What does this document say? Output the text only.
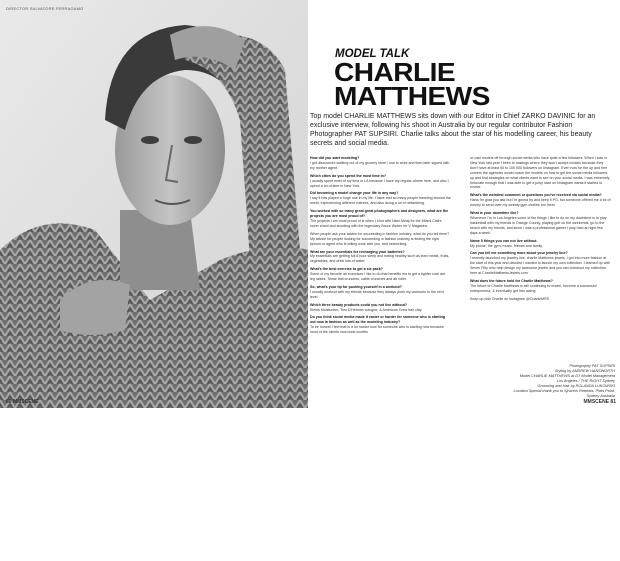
DIRECTOR SALVATORE FERRAGAMO
80 MMSCENE
MODEL TALK
CHARLIE
MATTHEWS
Top model CHARLIE MATTHEWS sits down with our Editor in Chief ZARKO DAVINIC for an exclusive interview, following his shoot in Australia by our regular contributor Fashion Photographer PAT SUPSIRI. Charlie talks about the star of his modelling career, his beauty secrets and social media.
How did you start modeling?
I got discovered walking out of my grocery store I use to work and then later signed with my mother agent.
Which cities do you spend the most time in?
I usually spent most of my time in LA because I have my regular clients here, and also I spend a lot of time in New York.
Did becoming a model change your life in any way?
I say it has played a huge role in my life. I have met so many people traveling around the world, experiencing different cultures, and also doing a lot of networking.
You worked with so many great great photographers and designers, what are the projects you are most proud of?
The projects I am most proud of is when I shot with Nicki Minaj for the Miami Claire cover shoot and shooting with the legendary Bruce Weber for V Magazine.
When people ask your advice for succeeding in fashion industry, what do you tell them? My advice for people looking for succeeding in fashion industry is finding the right person or agent who is willing work with you, and networking.
What are your essentials for recharging your batteries?
My essentials are getting full 8 hour sleep and eating healthy such as lean meats, fruits, vegetables, and drink lots of water.
What's the best exercise to get a six pack?
Some of my favorite ab exercises I like to do that benefits me to get a tighter core are leg raises, Tense ball crunches, cable crunches and ab roller.
So, what's your tip for pushing yourself in a workout?
I usually workout with my friends because they always push my workouts to the next level.
Which three beauty products could you not live without?
Kiehls Moisturizer, Tom D'Hermes cologne, & American Crew hair clay.
Do you think social media made it easier or harder for someone who is starting out now in fashion as well as the modeling industry?
To be honest I feel that is a lot harder now for someone who is starting now because most of the clients now book models
or cast models off through social media who have quite a few followers. When I was in New York last year I been to castings where they won't accept models because they don't have at least 50 to 100 000 followers on Instagram. Even now for the up and firm comers the agencies would coach the models on how to get the social media followers up and find strategies on what clients want to see on your social media. I was extremely fortunate enough that I was able to get a jump start on Instagram wants it started to evolve.
What's the weirdest comment or questions you've received via social media?
Haha I'm glad you ask but I'm gonna try and keep it PG, but someone offered me a lot of money to send over my sweaty gym clothes too them.
What is your downtime like?
Whenever I'm in Los Angeles some of the things I like to do on my downtime is to play basketball with my friends in Orange County, playing golf on the weekends, go to the beach with my friends, and since I was a professional gamer I play halo at night few days a week.
Name 5 things you can not live without.
My phone, the gym, music, friends and family.
Can you tell me something more about your jewelry line?
I recently launched my jewelry line, charlie Matthews jewels. I got into more fashion at the start of this year and decided I wanted to launch my own collection. I teamed up with Seven Fifty who help design my awesome jewels and you can checkout my collection here at CharlieMatthewsJewels.com
What does the future hold for Charlie Matthews?
The future of Charlie Matthews is still continuing to model, become a successful entrepreneur, & eventually get into acting.
Keep up with Charlie on Instagram @CharlieMRS
Photography PAT SUPSIRI
Styling by ANDREW HANSWORTH
Model CHARLIE MATTHEWS at DT Model Management
Los Angeles / THE RIGHT Sydney
Grooming and Hair by ROLANDA LUKOWSKI
Location Special thank you to Sjracers Retreats, Potts Point,
Sydney Australia
MMSCENE 81
